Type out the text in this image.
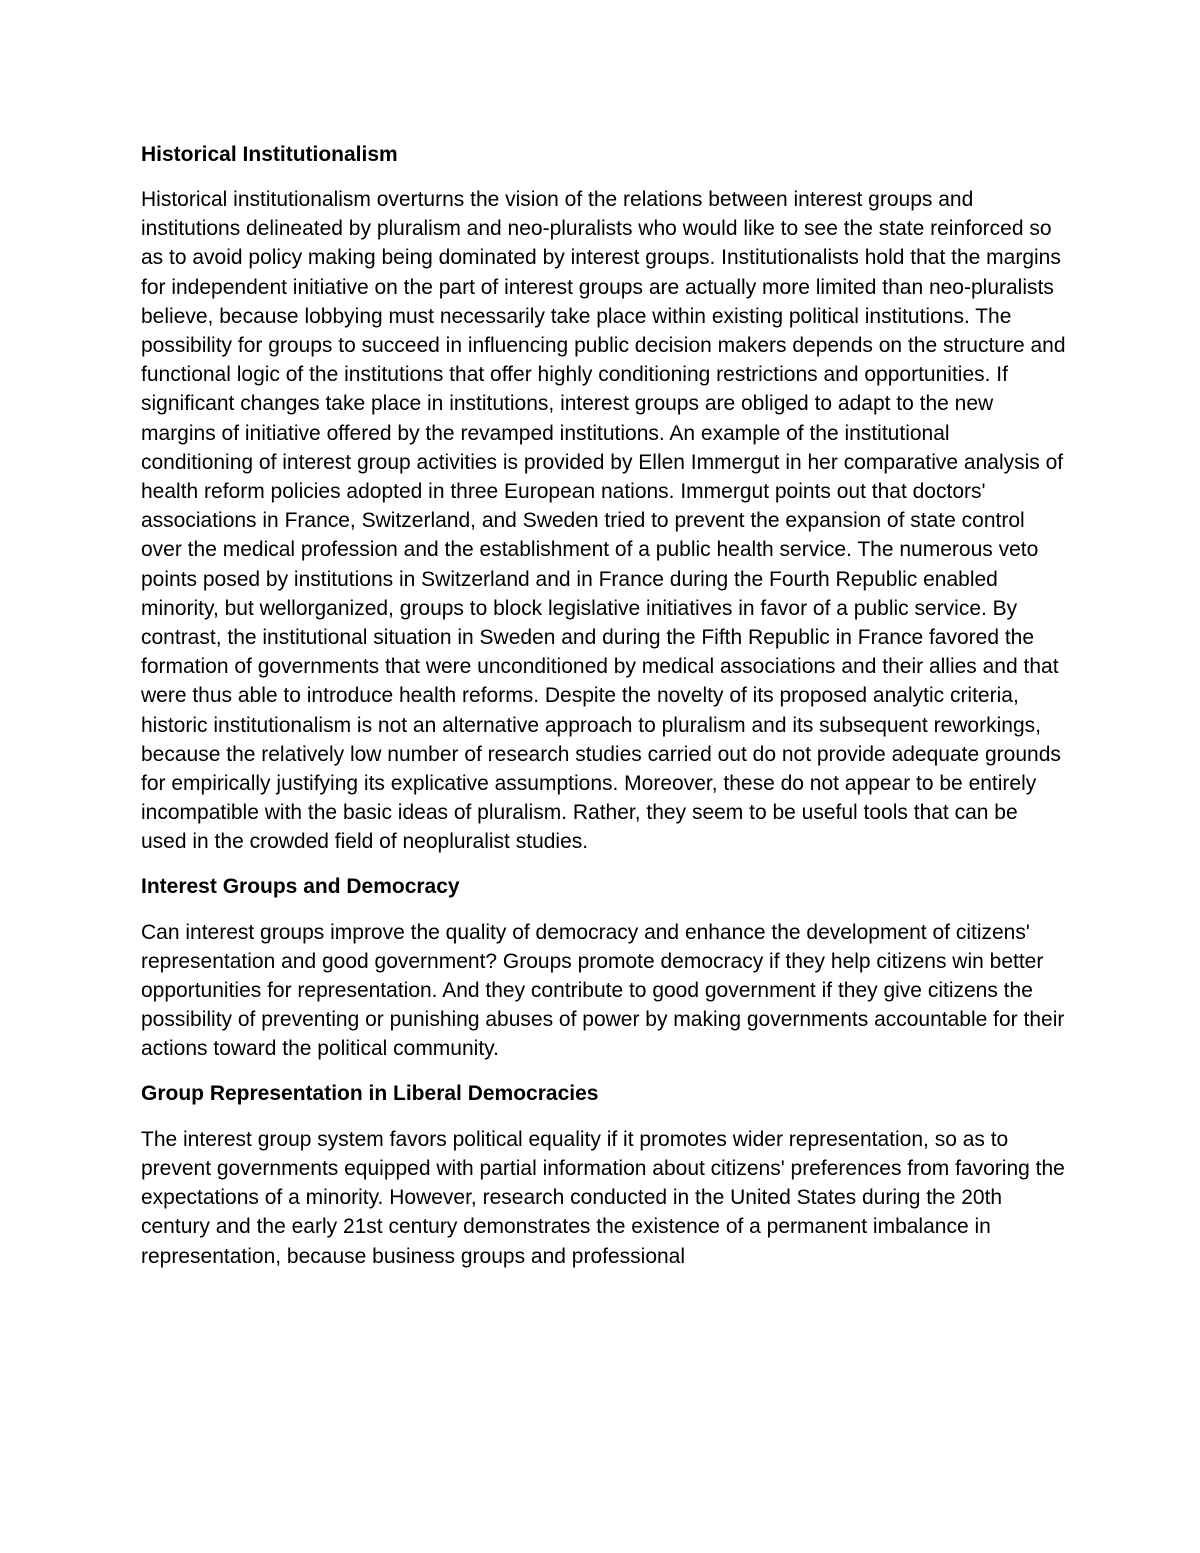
Historical Institutionalism

Historical institutionalism overturns the vision of the relations between interest groups and institutions delineated by pluralism and neo-pluralists who would like to see the state reinforced so as to avoid policy making being dominated by interest groups. Institutionalists hold that the margins for independent initiative on the part of interest groups are actually more limited than neo-pluralists believe, because lobbying must necessarily take place within existing political institutions. The possibility for groups to succeed in influencing public decision makers depends on the structure and functional logic of the institutions that offer highly conditioning restrictions and opportunities. If significant changes take place in institutions, interest groups are obliged to adapt to the new margins of initiative offered by the revamped institutions. An example of the institutional conditioning of interest group activities is provided by Ellen Immergut in her comparative analysis of health reform policies adopted in three European nations. Immergut points out that doctors' associations in France, Switzerland, and Sweden tried to prevent the expansion of state control over the medical profession and the establishment of a public health service. The numerous veto points posed by institutions in Switzerland and in France during the Fourth Republic enabled minority, but wellorganized, groups to block legislative initiatives in favor of a public service. By contrast, the institutional situation in Sweden and during the Fifth Republic in France favored the formation of governments that were unconditioned by medical associations and their allies and that were thus able to introduce health reforms. Despite the novelty of its proposed analytic criteria, historic institutionalism is not an alternative approach to pluralism and its subsequent reworkings, because the relatively low number of research studies carried out do not provide adequate grounds for empirically justifying its explicative assumptions. Moreover, these do not appear to be entirely incompatible with the basic ideas of pluralism. Rather, they seem to be useful tools that can be used in the crowded field of neopluralist studies.

Interest Groups and Democracy

Can interest groups improve the quality of democracy and enhance the development of citizens' representation and good government? Groups promote democracy if they help citizens win better opportunities for representation. And they contribute to good government if they give citizens the possibility of preventing or punishing abuses of power by making governments accountable for their actions toward the political community.

Group Representation in Liberal Democracies

The interest group system favors political equality if it promotes wider representation, so as to prevent governments equipped with partial information about citizens' preferences from favoring the expectations of a minority. However, research conducted in the United States during the 20th century and the early 21st century demonstrates the existence of a permanent imbalance in representation, because business groups and professional
